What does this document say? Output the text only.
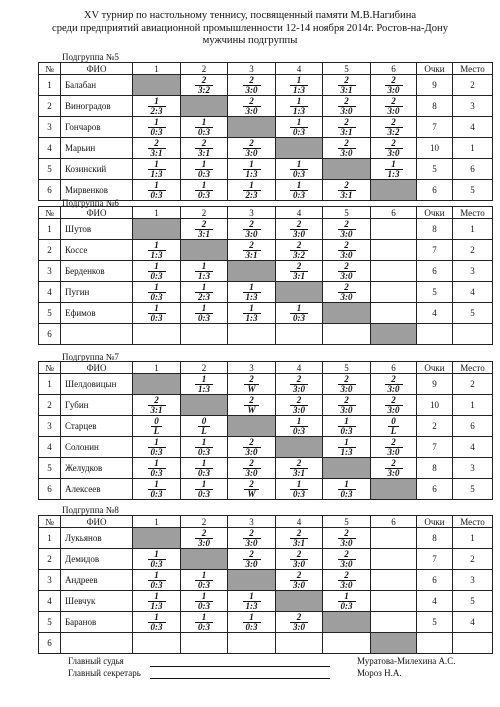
XV турнир по настольному теннису, посвященный памяти М.В.Нагибина
среди предприятий авиационной промышленности 12-14 ноября 2014г. Ростов-на-Дону
мужчины подгруппы
Подгруппа №5
№	ФИО	1	2	3	4	5	6	Очки	Место
1	Балабан		$\frac{2}{3:2}$	$\frac{2}{3:0}$	$\frac{1}{1:3}$	$\frac{2}{3:1}$	$\frac{2}{3:0}$	9	2
2	Виноградов	$\frac{1}{2:3}$		$\frac{2}{3:0}$	$\frac{1}{1:3}$	$\frac{2}{3:0}$	$\frac{2}{3:0}$	8	3
3	Гончаров	$\frac{1}{0:3}$	$\frac{1}{0:3}$		$\frac{1}{0:3}$	$\frac{2}{3:1}$	$\frac{2}{3:2}$	7	4
4	Марьин	$\frac{2}{3:1}$	$\frac{2}{3:1}$	$\frac{2}{3:0}$		$\frac{2}{3:0}$	$\frac{2}{3:0}$	10	1
5	Козинский	$\frac{1}{1:3}$	$\frac{1}{0:3}$	$\frac{1}{1:3}$	$\frac{1}{0:3}$		$\frac{1}{1:3}$	5	6
6	Мирвенков	$\frac{1}{0:3}$	$\frac{1}{0:3}$	$\frac{1}{2:3}$	$\frac{1}{0:3}$	$\frac{2}{3:1}$		6	5
Подгруппа №6
№	ФИО	1	2	3	4	5	6	Очки	Место
1	Шутов		$\frac{2}{3:1}$	$\frac{2}{3:0}$	$\frac{2}{3:0}$	$\frac{2}{3:0}$		8	1
2	Коссе	$\frac{1}{1:3}$		$\frac{2}{3:1}$	$\frac{2}{3:2}$	$\frac{2}{3:0}$		7	2
3	Берденков	$\frac{1}{0:3}$	$\frac{1}{1:3}$		$\frac{2}{3:1}$	$\frac{2}{3:0}$		6	3
4	Пугин	$\frac{1}{0:3}$	$\frac{1}{2:3}$	$\frac{1}{1:3}$		$\frac{2}{3:0}$		5	4
5	Ефимов	$\frac{1}{0:3}$	$\frac{1}{0:3}$	$\frac{1}{1:3}$	$\frac{1}{0:3}$			4	5
6									
Подгруппа №7
№	ФИО	1	2	3	4	5	6	Очки	Место
1	Шелдовицын		$\frac{1}{1:3}$	$\frac{2}{W}$	$\frac{2}{3:0}$	$\frac{2}{3:0}$	$\frac{2}{3:0}$	9	2
2	Губин	$\frac{2}{3:1}$		$\frac{2}{W}$	$\frac{2}{3:0}$	$\frac{2}{3:0}$	$\frac{2}{3:0}$	10	1
3	Старцев	$\frac{0}{L}$	$\frac{0}{L}$		$\frac{1}{0:3}$	$\frac{1}{0:3}$	$\frac{0}{L}$	2	6
4	Солонин	$\frac{1}{0:3}$	$\frac{1}{0:3}$	$\frac{2}{3:0}$		$\frac{1}{1:3}$	$\frac{2}{3:0}$	7	4
5	Желудков	$\frac{1}{0:3}$	$\frac{1}{0:3}$	$\frac{2}{3:0}$	$\frac{2}{3:1}$		$\frac{2}{3:0}$	8	3
6	Алексеев	$\frac{1}{0:3}$	$\frac{1}{0:3}$	$\frac{2}{W}$	$\frac{1}{0:3}$	$\frac{1}{0:3}$		6	5
Подгруппа №8
№	ФИО	1	2	3	4	5	6	Очки	Место
1	Лукьянов		$\frac{2}{3:0}$	$\frac{2}{3:0}$	$\frac{2}{3:1}$	$\frac{2}{3:0}$		8	1
2	Демидов	$\frac{1}{0:3}$		$\frac{2}{3:0}$	$\frac{2}{3:0}$	$\frac{2}{3:0}$		7	2
3	Андреев	$\frac{1}{0:3}$	$\frac{1}{0:3}$		$\frac{2}{3:0}$	$\frac{2}{3:0}$		6	3
4	Шевчук	$\frac{1}{1:3}$	$\frac{1}{0:3}$	$\frac{1}{1:3}$		$\frac{1}{0:3}$		4	5
5	Баранов	$\frac{1}{0:3}$	$\frac{1}{0:3}$	$\frac{1}{0:3}$	$\frac{2}{3:0}$			5	4
6									
Главный судья
Главный секретарь
Муратова-Милехина А.С.
Мороз Н.А.
